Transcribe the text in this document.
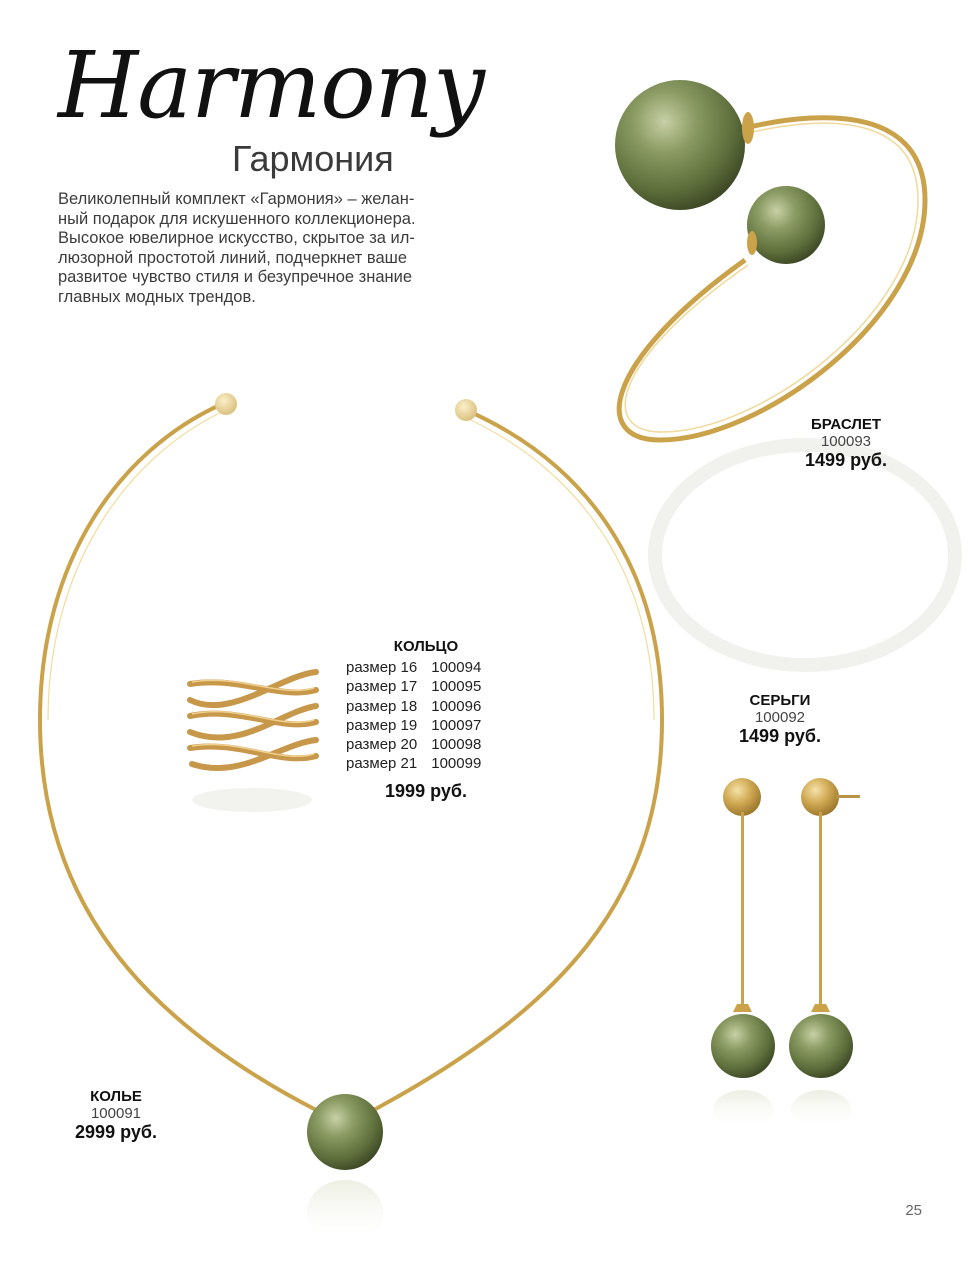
Harmony
Гармония
Великолепный комплект «Гармония» – желан-
ный подарок для искушенного коллекционера.
Высокое ювелирное искусство, скрытое за ил-
люзорной простотой линий, подчеркнет ваше
развитое чувство стиля и безупречное знание
главных модных трендов.
БРАСЛЕТ
100093
1499 руб.
КОЛЬЦО
размер 16	100094
размер 17	100095
размер 18	100096
размер 19	100097
размер 20	100098
размер 21	100099
1999 руб.
СЕРЬГИ
100092
1499 руб.
КОЛЬЕ
100091
2999 руб.
25
